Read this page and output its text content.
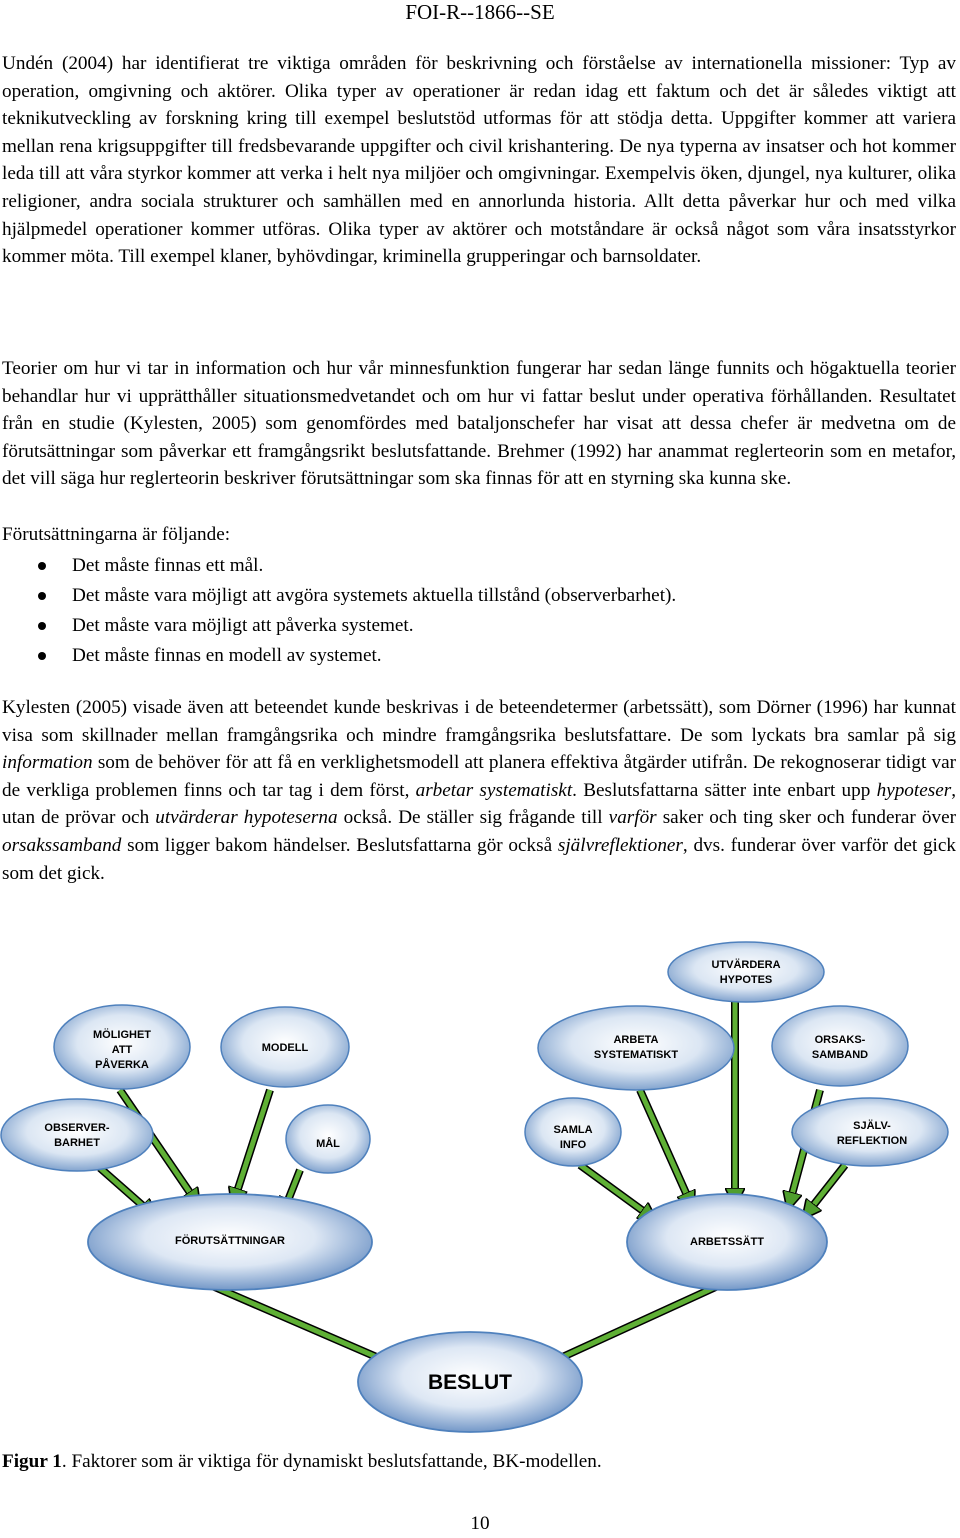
FOI-R--1866--SE

Undén (2004) har identifierat tre viktiga områden för beskrivning och förståelse av internationella missioner: Typ av operation, omgivning och aktörer. Olika typer av operationer är redan idag ett faktum och det är således viktigt att teknikutveckling av forskning kring till exempel beslutstöd utformas för att stödja detta. Uppgifter kommer att variera mellan rena krigsuppgifter till fredsbevarande uppgifter och civil krishantering. De nya typerna av insatser och hot kommer leda till att våra styrkor kommer att verka i helt nya miljöer och omgivningar. Exempelvis öken, djungel, nya kulturer, olika religioner, andra sociala strukturer och samhällen med en annorlunda historia. Allt detta påverkar hur och med vilka hjälpmedel operationer kommer utföras. Olika typer av aktörer och motståndare är också något som våra insatsstyrkor kommer möta. Till exempel klaner, byhövdingar, kriminella grupperingar och barnsoldater.

Teorier om hur vi tar in information och hur vår minnesfunktion fungerar har sedan länge funnits och högaktuella teorier behandlar hur vi upprätthåller situationsmedvetandet och om hur vi fattar beslut under operativa förhållanden. Resultatet från en studie (Kylesten, 2005) som genomfördes med bataljonschefer har visat att dessa chefer är medvetna om de förutsättningar som påverkar ett framgångsrikt beslutsfattande. Brehmer (1992) har anammat reglerteorin som en metafor, det vill säga hur reglerteorin beskriver förutsättningar som ska finnas för att en styrning ska kunna ske.

Förutsättningarna är följande:

Det måste finnas ett mål.
Det måste vara möjligt att avgöra systemets aktuella tillstånd (observerbarhet).
Det måste vara möjligt att påverka systemet.
Det måste finnas en modell av systemet.

Kylesten (2005) visade även att beteendet kunde beskrivas i de beteendetermer (arbetssätt), som Dörner (1996) har kunnat visa som skillnader mellan framgångsrika och mindre framgångsrika beslutsfattare. De som lyckats bra samlar på sig information som de behöver för att få en verklighetsmodell att planera effektiva åtgärder utifrån. De rekognoserar tidigt var de verkliga problemen finns och tar tag i dem först, arbetar systematiskt. Beslutsfattarna sätter inte enbart upp hypoteser, utan de prövar och utvärderar hypoteserna också. De ställer sig frågande till varför saker och ting sker och funderar över orsakssamband som ligger bakom händelser. Beslutsfattarna gör också självreflektioner, dvs. funderar över varför det gick som det gick.

UTVÄRDERA
HYPOTES
MÖLIGHET
ATT
PÅVERKA
MODELL
ARBETA
SYSTEMATISKT
ORSAKS-
SAMBAND
OBSERVER-
BARHET	MÅL
SAMLA
INFO
SJÄLV-
REFLEKTION
FÖRUTSÄTTNINGAR	ARBETSSÄTT
BESLUT

Figur 1. Faktorer som är viktiga för dynamiskt beslutsfattande, BK-modellen.

10
